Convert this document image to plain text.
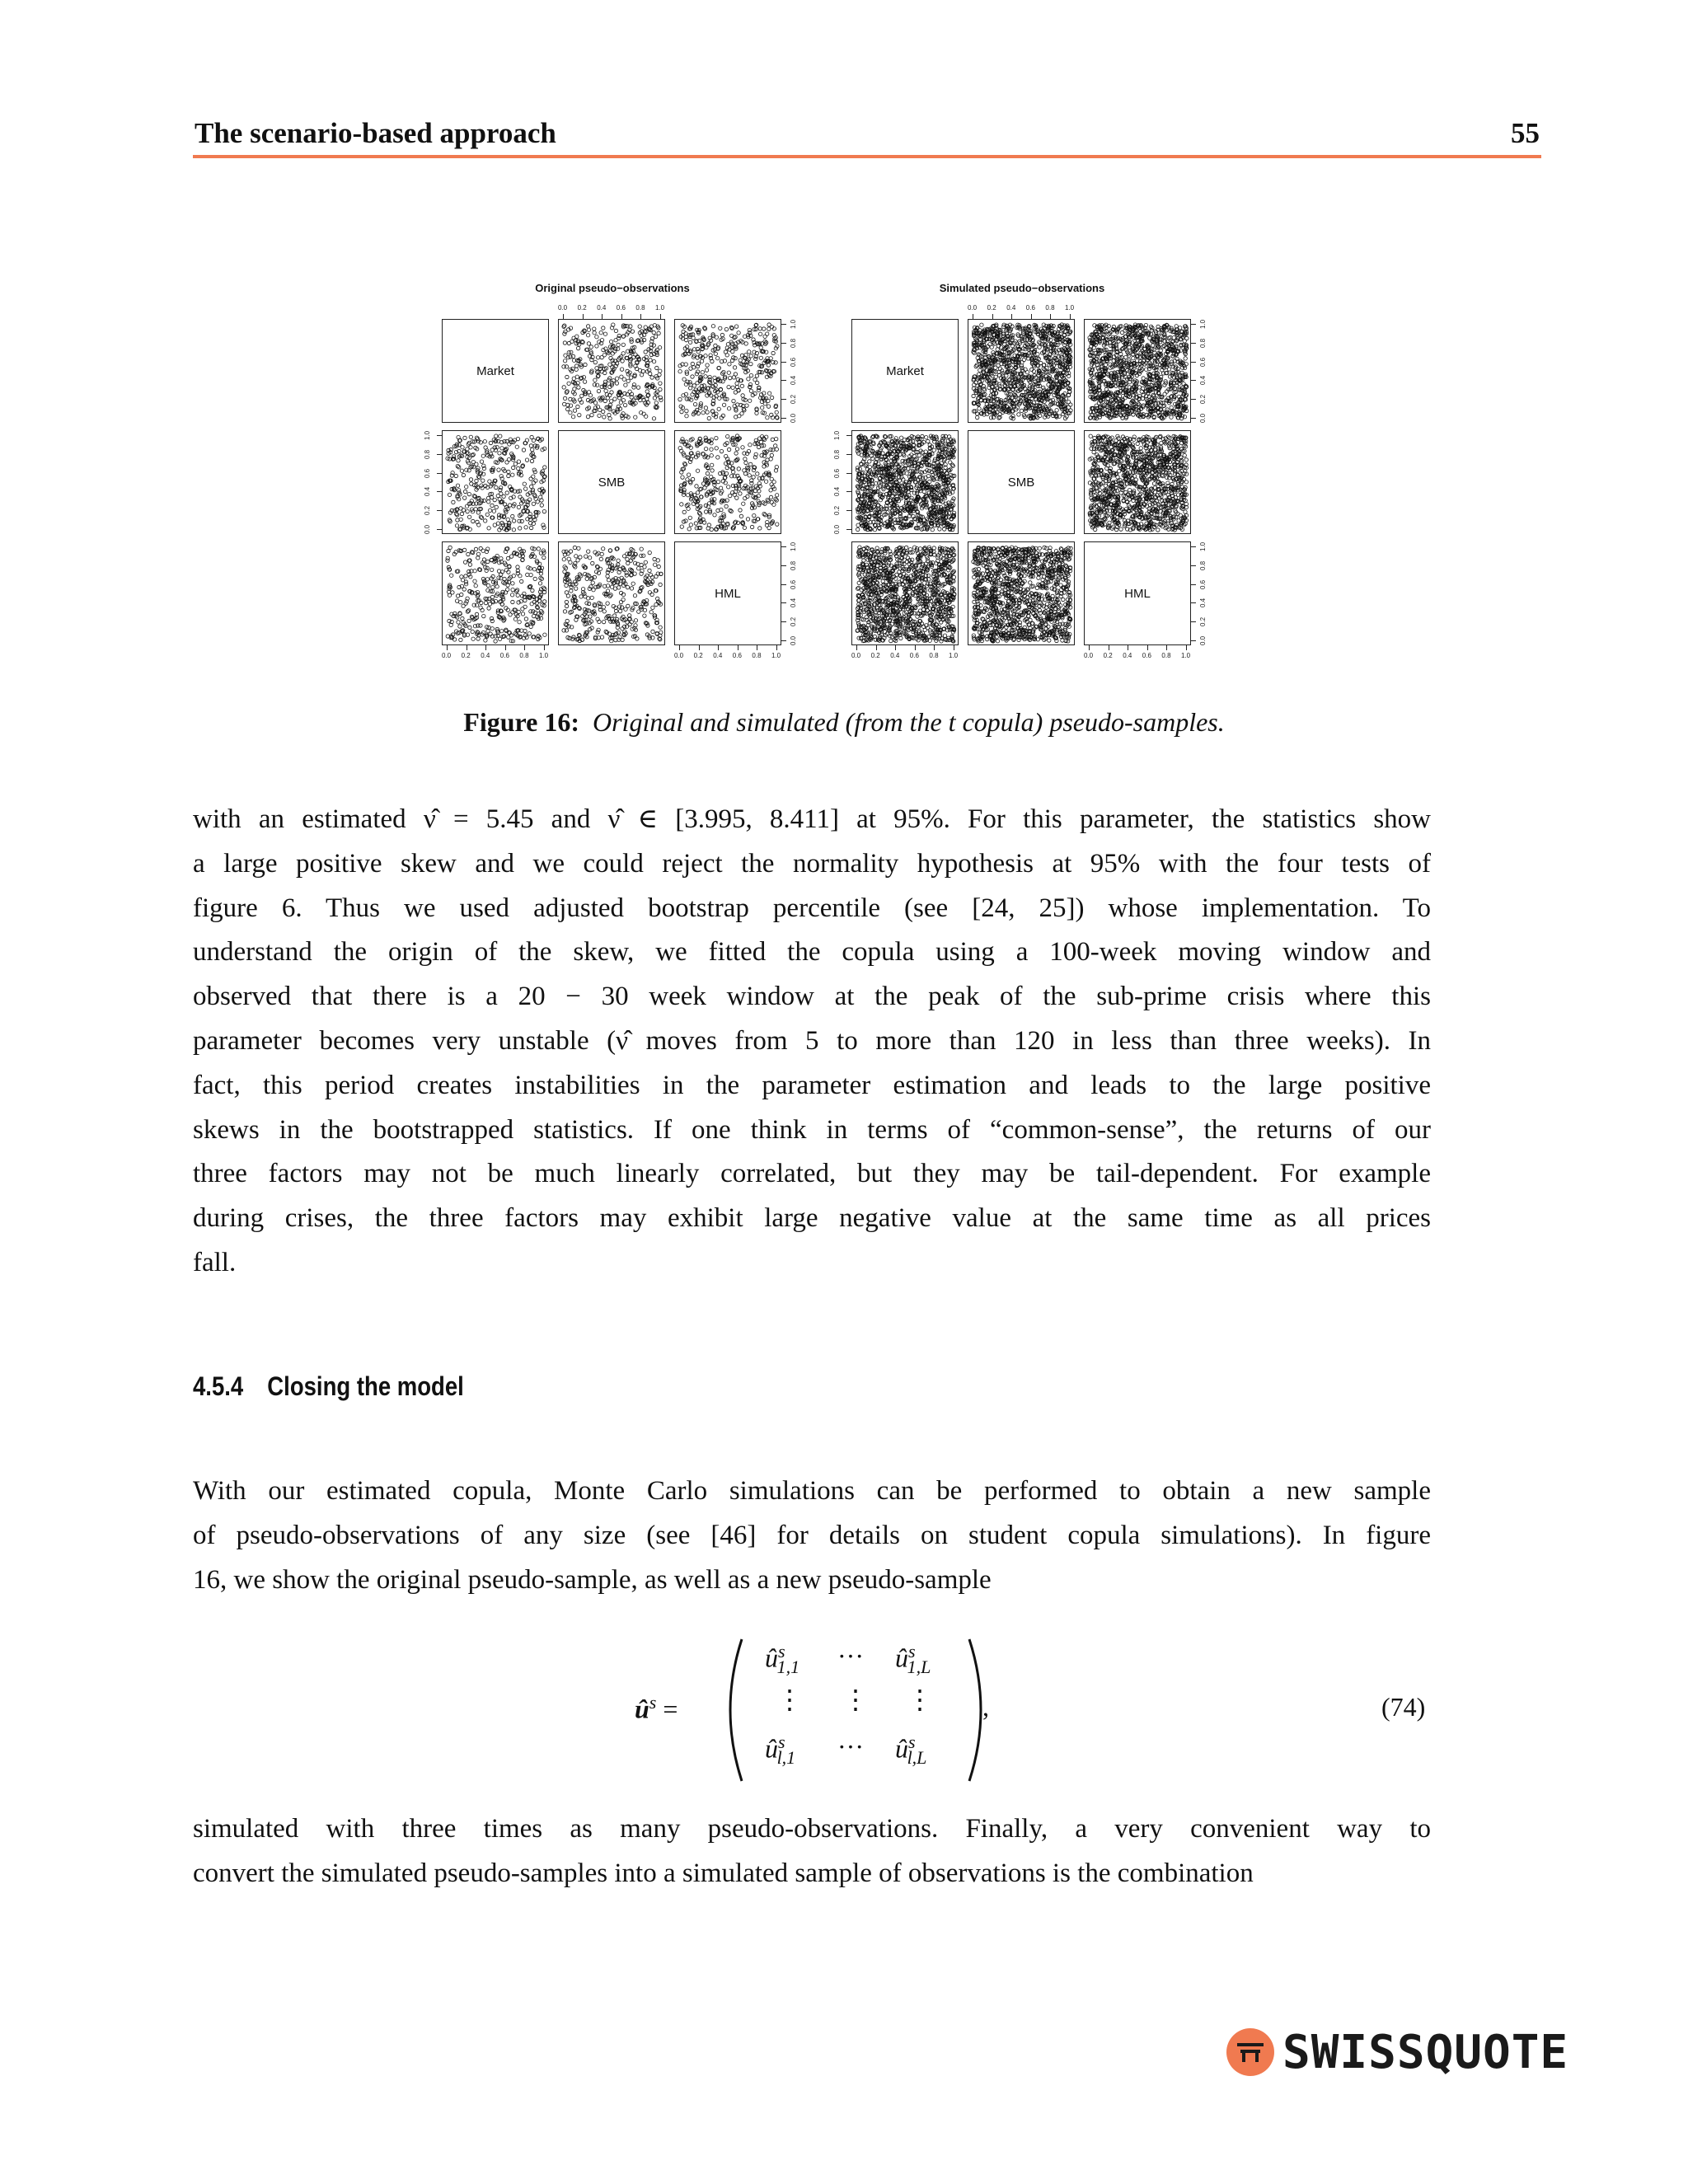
The scenario-based approach	55
Original pseudo−observations	Simulated pseudo−observations
Market
SMB
HML
0.0 0.2 0.4 0.6 0.8 1.0
0.0 0.2 0.4 0.6 0.8 1.0	0.0 0.2 0.4 0.6 0.8 1.0
0.0
0.2
0.4
0.6
0.8
1.0
0.0
0.2
0.4
0.6
0.8
1.0
0.0
0.2
0.4
0.6
0.8
1.0
Market
SMB
HML
0.0 0.2 0.4 0.6 0.8 1.0
0.0 0.2 0.4 0.6 0.8 1.0	0.0 0.2 0.4 0.6 0.8 1.0
0.0
0.2
0.4
0.6
0.8
1.0
0.0
0.2
0.4
0.6
0.8
1.0
0.0
0.2
0.4
0.6
0.8
1.0
Figure 16: Original and simulated (from the t copula) pseudo-samples.
with an estimated ν̂ = 5.45 and ν̂ ∈ [3.995, 8.411] at 95%. For this parameter, the statistics show
a large positive skew and we could reject the normality hypothesis at 95% with the four tests of
figure 6. Thus we used adjusted bootstrap percentile (see [24, 25]) whose implementation. To
understand the origin of the skew, we fitted the copula using a 100-week moving window and
observed that there is a 20 − 30 week window at the peak of the sub-prime crisis where this
parameter becomes very unstable (ν̂ moves from 5 to more than 120 in less than three weeks). In
fact, this period creates instabilities in the parameter estimation and leads to the large positive
skews in the bootstrapped statistics. If one think in terms of “common-sense”, the returns of our
three factors may not be much linearly correlated, but they may be tail-dependent. For example
during crises, the three factors may exhibit large negative value at the same time as all prices
fall.
4.5.4 Closing the model
With our estimated copula, Monte Carlo simulations can be performed to obtain a new sample
of pseudo-observations of any size (see [46] for details on student copula simulations). In figure
16, we show the original pseudo-sample, as well as a new pseudo-sample
û$^s$ =
û$^s_{1,1}$ ··· û$^s_{1,L}$
⋮ ⋮ ⋮
û$^s_{l,1}$ ··· û$^s_{l,L}$
,	(74)
simulated with three times as many pseudo-observations. Finally, a very convenient way to
convert the simulated pseudo-samples into a simulated sample of observations is the combination
SWISSQUOTE
